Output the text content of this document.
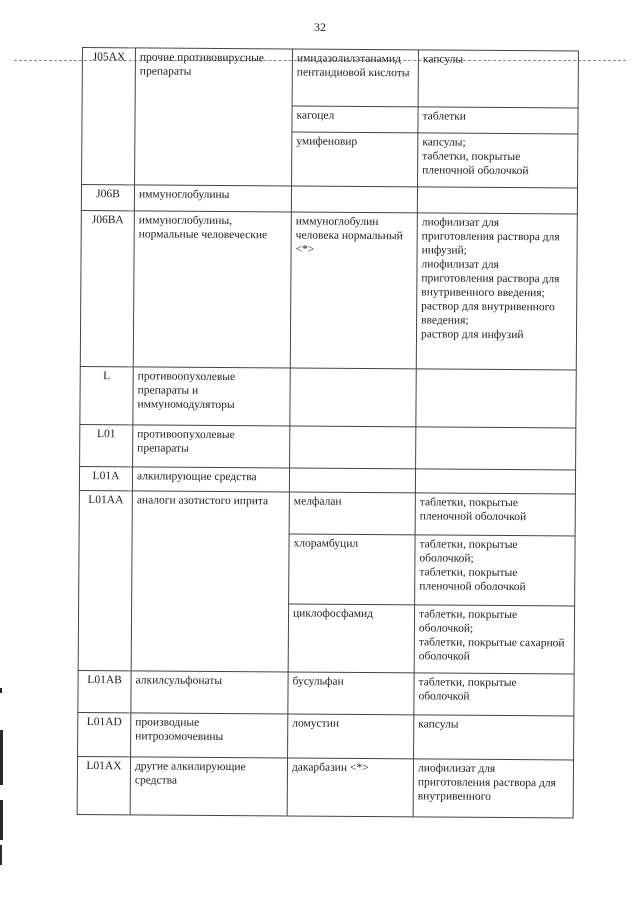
32
J05AX	прочие противовирусные препараты	имидазолилэтанамид пентандиовой кислоты	капсулы
		кагоцел	таблетки
		умифеновир	капсулы;
таблетки, покрытые пленочной оболочкой
J06B	иммуноглобулины		
J06BA	иммуноглобулины, нормальные человеческие	иммуноглобулин человека нормальный <*>	лиофилизат для приготовления раствора для инфузий;
лиофилизат для приготовления раствора для внутривенного введения;
раствор для внутривенного введения;
раствор для инфузий
L	противоопухолевые препараты и иммуномодуляторы		
L01	противоопухолевые препараты		
L01A	алкилирующие средства		
L01AA	аналоги азотистого иприта	мелфалан	таблетки, покрытые пленочной оболочкой
		хлорамбуцил	таблетки, покрытые оболочкой;
таблетки, покрытые пленочной оболочкой
		циклофосфамид	таблетки, покрытые оболочкой;
таблетки, покрытые сахарной оболочкой
L01AB	алкилсульфонаты	бусульфан	таблетки, покрытые оболочкой
L01AD	производные нитрозомочевины	ломустин	капсулы
L01AX	другие алкилирующие средства	дакарбазин <*>	лиофилизат для приготовления раствора для внутривенного
